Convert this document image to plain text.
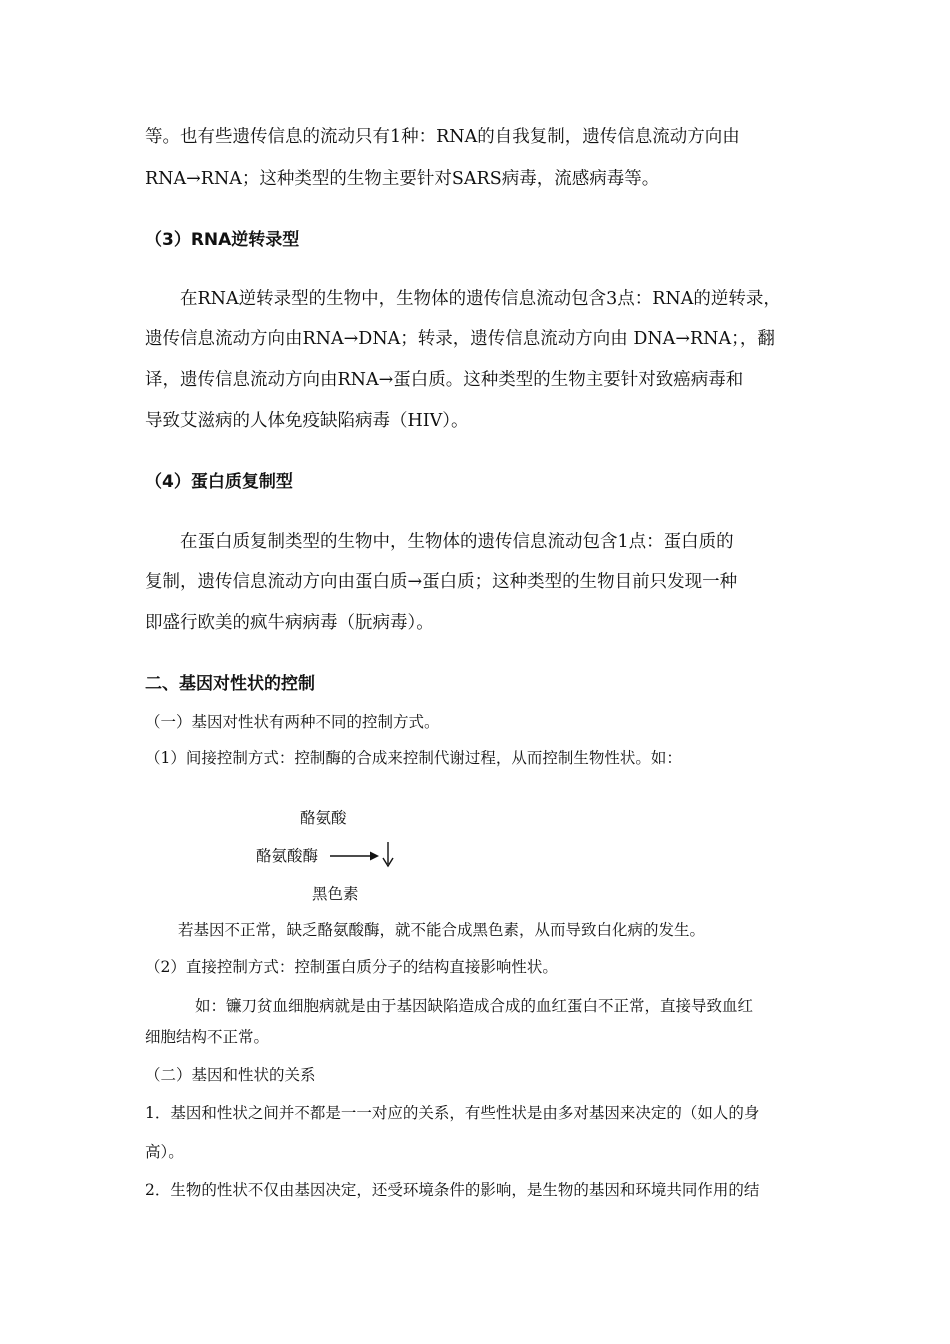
等。也有些遗传信息的流动只有1种：RNA的自我复制，遗传信息流动方向由
RNA→RNA；这种类型的生物主要针对SARS病毒，流感病毒等。
（3）RNA逆转录型
在RNA逆转录型的生物中，生物体的遗传信息流动包含3点：RNA的逆转录，
遗传信息流动方向由RNA→DNA；转录，遗传信息流动方向由 DNA→RNA；，翻
译，遗传信息流动方向由RNA→蛋白质。这种类型的生物主要针对致癌病毒和
导致艾滋病的人体免疫缺陷病毒（HIV）。
（4）蛋白质复制型
在蛋白质复制类型的生物中，生物体的遗传信息流动包含1点：蛋白质的
复制，遗传信息流动方向由蛋白质→蛋白质；这种类型的生物目前只发现一种
即盛行欧美的疯牛病病毒（朊病毒）。
二、基因对性状的控制
（一）基因对性状有两种不同的控制方式。
（1）间接控制方式：控制酶的合成来控制代谢过程，从而控制生物性状。如：
酪氨酸
酪氨酸酶
黑色素
若基因不正常，缺乏酪氨酸酶，就不能合成黑色素，从而导致白化病的发生。
（2）直接控制方式：控制蛋白质分子的结构直接影响性状。
如：镰刀贫血细胞病就是由于基因缺陷造成合成的血红蛋白不正常，直接导致血红
细胞结构不正常。
（二）基因和性状的关系
1．基因和性状之间并不都是一一对应的关系，有些性状是由多对基因来决定的（如人的身
高）。
2．生物的性状不仅由基因决定，还受环境条件的影响，是生物的基因和环境共同作用的结
